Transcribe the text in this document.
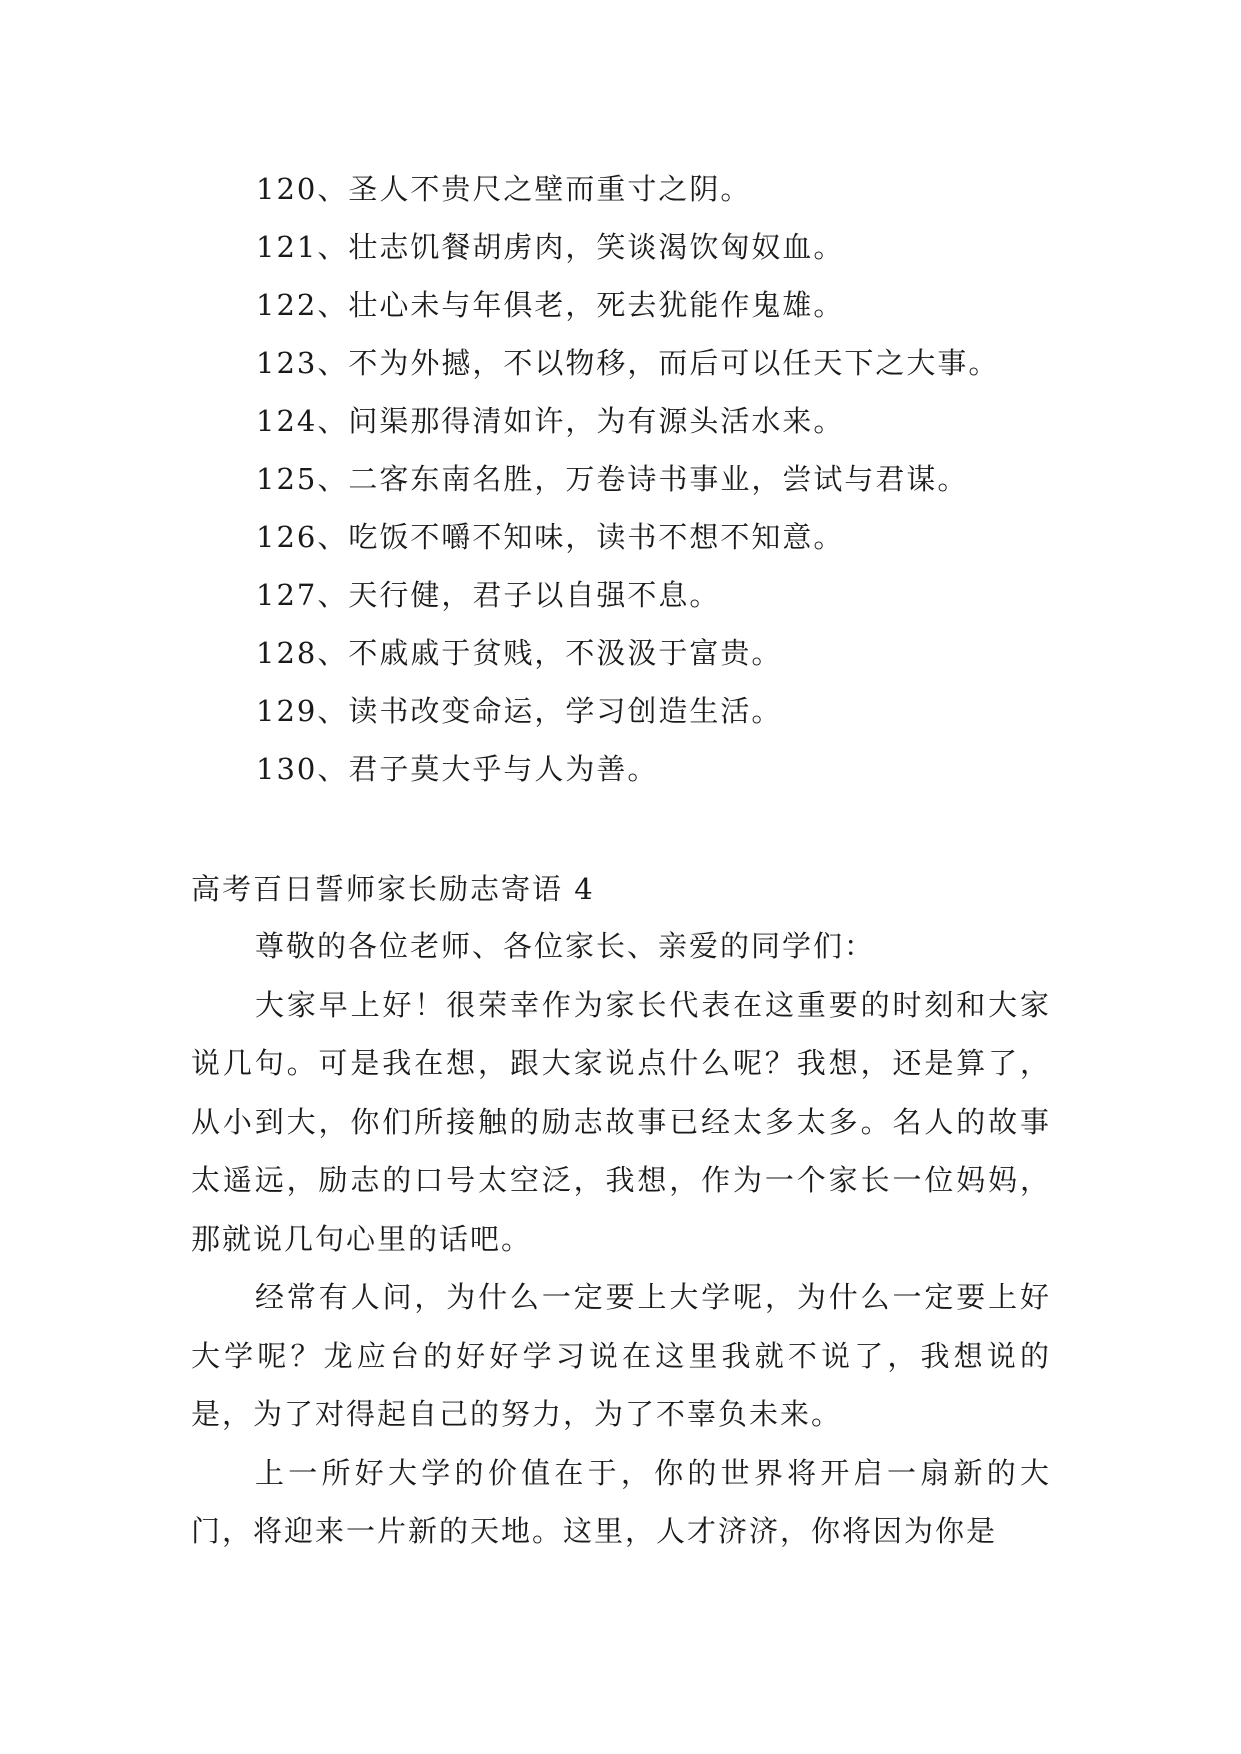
120、圣人不贵尺之壁而重寸之阴。
121、壮志饥餐胡虏肉，笑谈渴饮匈奴血。
122、壮心未与年俱老，死去犹能作鬼雄。
123、不为外撼，不以物移，而后可以任天下之大事。
124、问渠那得清如许，为有源头活水来。
125、二客东南名胜，万卷诗书事业，尝试与君谋。
126、吃饭不嚼不知味，读书不想不知意。
127、天行健，君子以自强不息。
128、不戚戚于贫贱，不汲汲于富贵。
129、读书改变命运，学习创造生活。
130、君子莫大乎与人为善。
高考百日誓师家长励志寄语 4

尊敬的各位老师、各位家长、亲爱的同学们：

大家早上好！很荣幸作为家长代表在这重要的时刻和大家说几句。可是我在想，跟大家说点什么呢？我想，还是算了，从小到大，你们所接触的励志故事已经太多太多。名人的故事太遥远，励志的口号太空泛，我想，作为一个家长一位妈妈，那就说几句心里的话吧。

经常有人问，为什么一定要上大学呢，为什么一定要上好大学呢？龙应台的好好学习说在这里我就不说了，我想说的是，为了对得起自己的努力，为了不辜负未来。

上一所好大学的价值在于，你的世界将开启一扇新的大门，将迎来一片新的天地。这里，人才济济，你将因为你是
